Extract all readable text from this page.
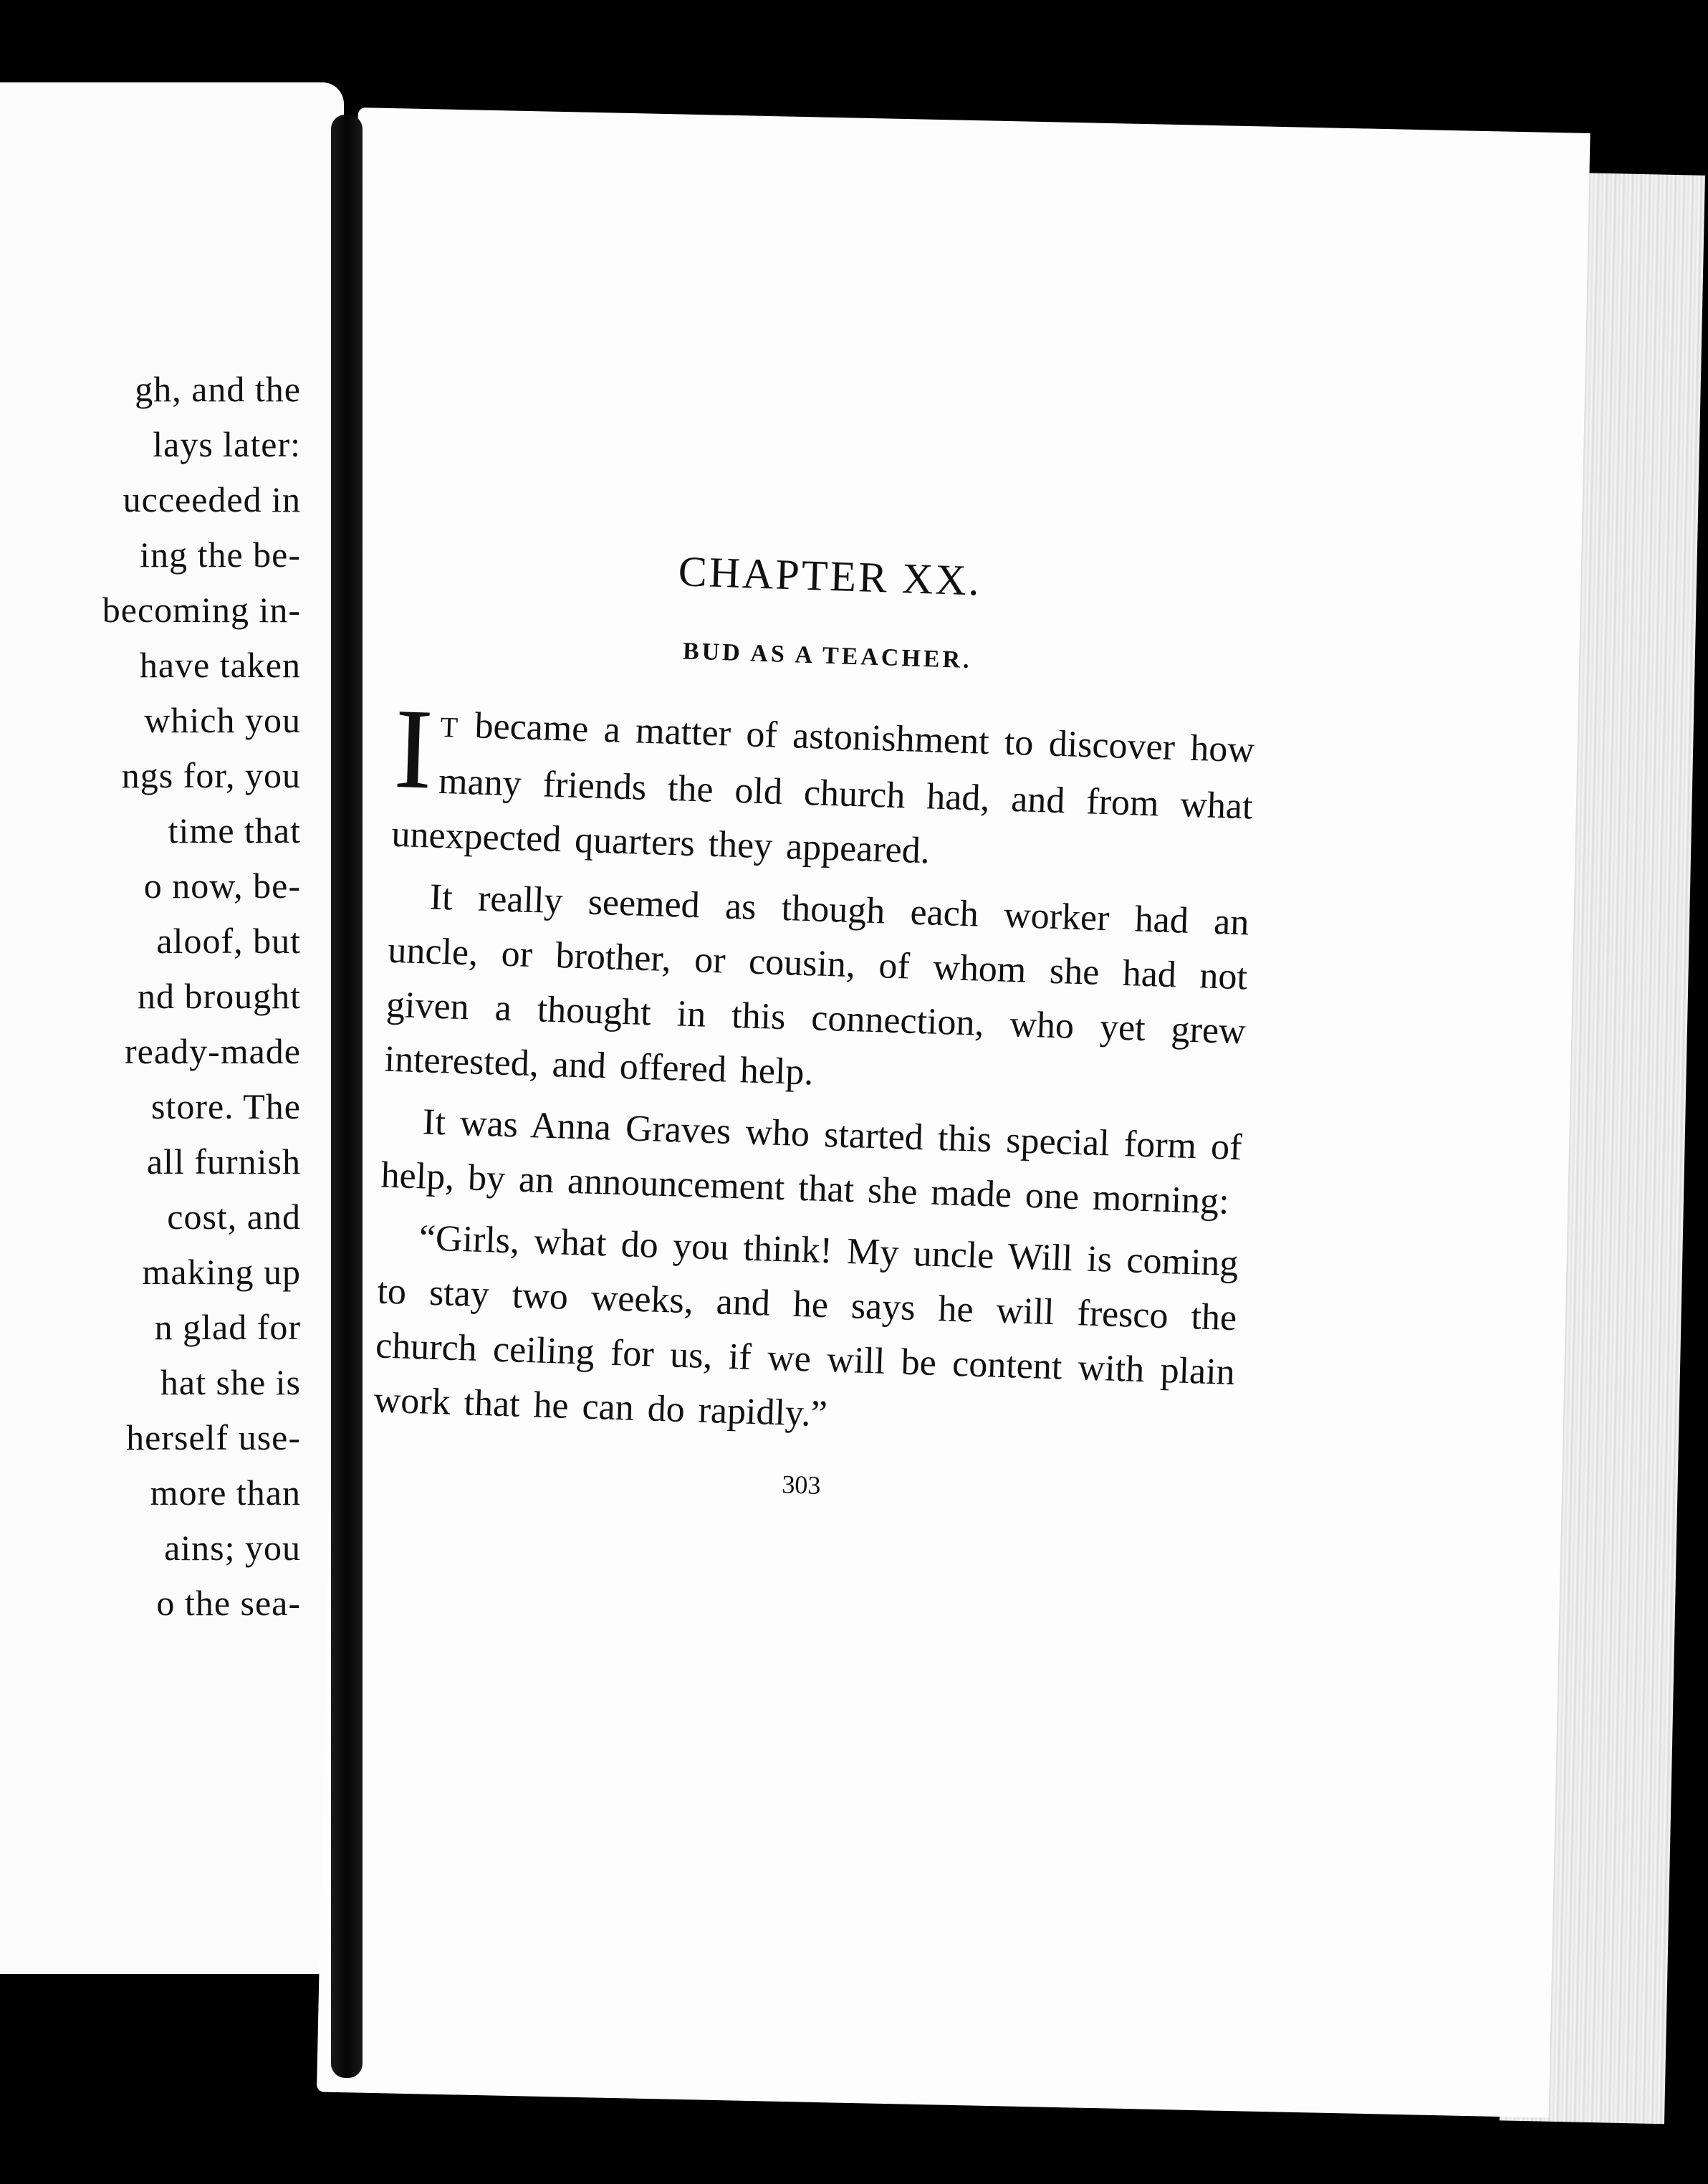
gh, and the
lays later:
ucceeded in
ing the be-
becoming in-
have taken
which you
ngs for, you
time that
o now, be-
aloof, but
nd brought
ready-made
store. The
all furnish
cost, and
making up
n glad for
hat she is
herself use-
more than
ains; you
o the sea-
CHAPTER XX.
BUD AS A TEACHER.

I T became a matter of astonishment to discover how many friends the old church had, and from what unexpected quarters they appeared.

It really seemed as though each worker had an uncle, or brother, or cousin, of whom she had not given a thought in this connection, who yet grew interested, and offered help.

It was Anna Graves who started this special form of help, by an announcement that she made one morning:

“Girls, what do you think! My uncle Will is coming to stay two weeks, and he says he will fresco the church ceiling for us, if we will be content with plain work that he can do rapidly.”

303
